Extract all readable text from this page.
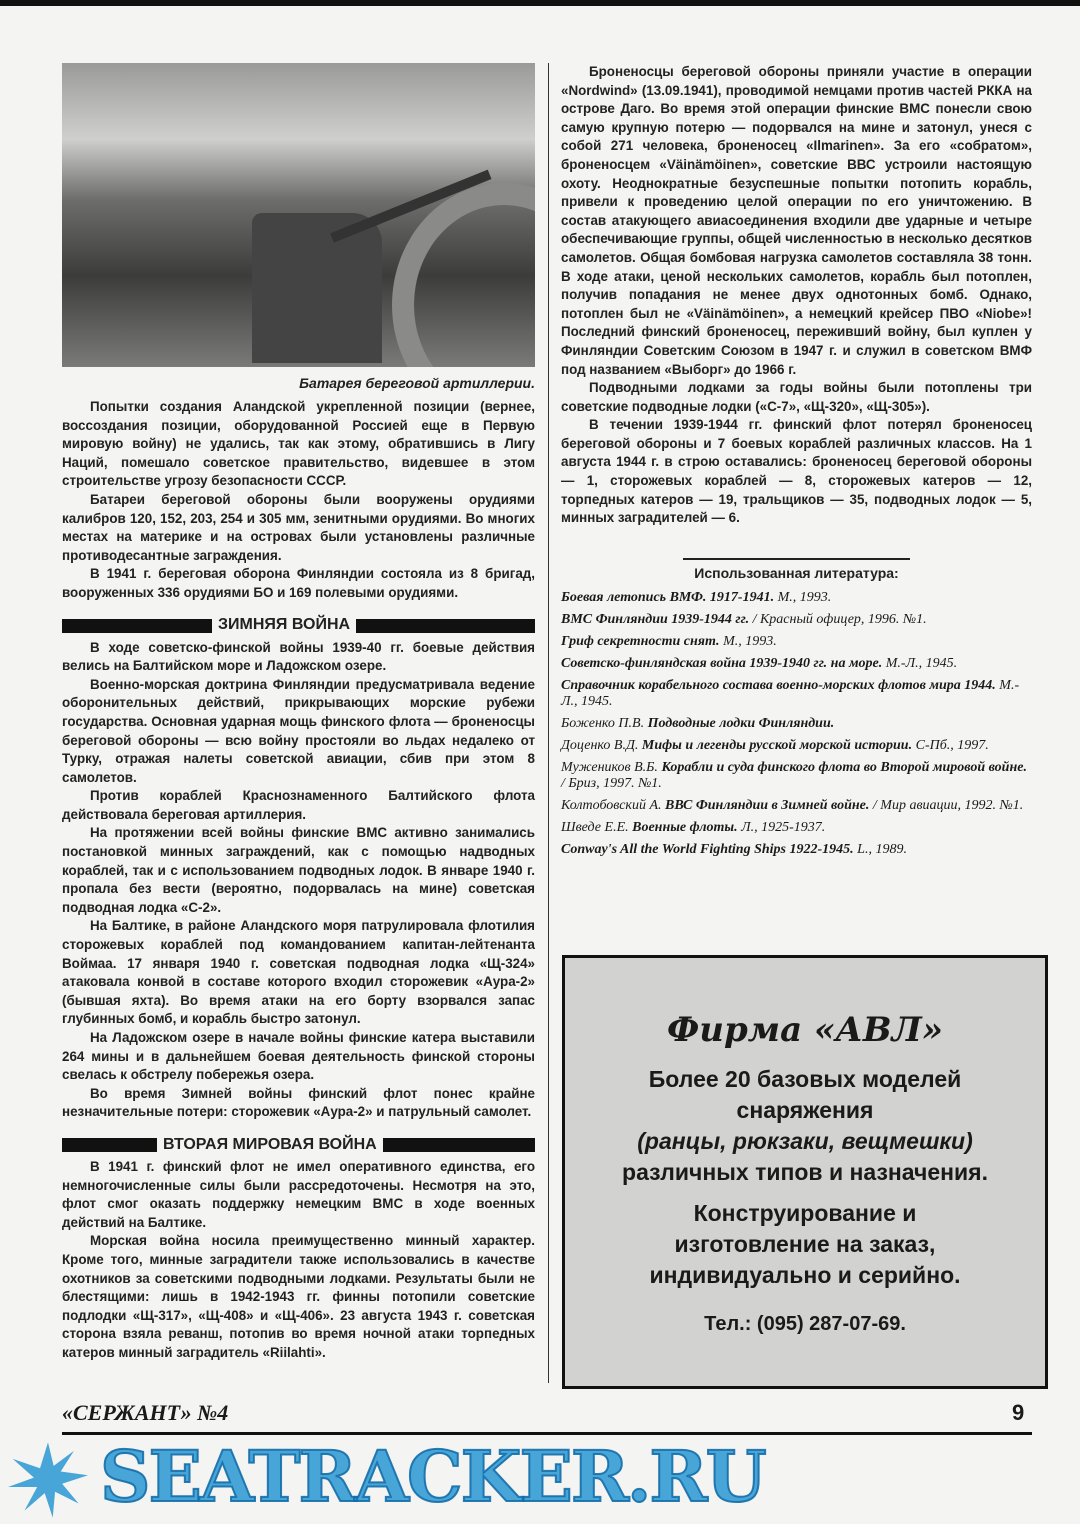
Батарея береговой артиллерии.

Попытки создания Аландской укрепленной позиции (вернее, воссоздания позиции, оборудованной Россией еще в Первую мировую войну) не удались, так как этому, обратившись в Лигу Наций, помешало советское правительство, видевшее в этом строительстве угрозу безопасности СССР.

Батареи береговой обороны были вооружены орудиями калибров 120, 152, 203, 254 и 305 мм, зенитными орудиями. Во многих местах на материке и на островах были установлены различные противодесантные заграждения.

В 1941 г. береговая оборона Финляндии состояла из 8 бригад, вооруженных 336 орудиями БО и 169 полевыми орудиями.

ЗИМНЯЯ ВОЙНА

В ходе советско-финской войны 1939-40 гг. боевые действия велись на Балтийском море и Ладожском озере.

Военно-морская доктрина Финляндии предусматривала ведение оборонительных действий, прикрывающих морские рубежи государства. Основная ударная мощь финского флота — броненосцы береговой обороны — всю войну простояли во льдах недалеко от Турку, отражая налеты советской авиации, сбив при этом 8 самолетов.

Против кораблей Краснознаменного Балтийского флота действовала береговая артиллерия.

На протяжении всей войны финские ВМС активно занимались постановкой минных заграждений, как с помощью надводных кораблей, так и с использованием подводных лодок. В январе 1940 г. пропала без вести (вероятно, подорвалась на мине) советская подводная лодка «С-2».

На Балтике, в районе Аландского моря патрулировала флотилия сторожевых кораблей под командованием капитан-лейтенанта Воймаа. 17 января 1940 г. советская подводная лодка «Щ-324» атаковала конвой в составе которого входил сторожевик «Аура-2» (бывшая яхта). Во время атаки на его борту взорвался запас глубинных бомб, и корабль быстро затонул.

На Ладожском озере в начале войны финские катера выставили 264 мины и в дальнейшем боевая деятельность финской стороны свелась к обстрелу побережья озера.

Во время Зимней войны финский флот понес крайне незначительные потери: сторожевик «Аура-2» и патрульный самолет.

ВТОРАЯ МИРОВАЯ ВОЙНА

В 1941 г. финский флот не имел оперативного единства, его немногочисленные силы были рассредоточены. Несмотря на это, флот смог оказать поддержку немецким ВМС в ходе военных действий на Балтике.

Морская война носила преимущественно минный характер. Кроме того, минные заградители также использовались в качестве охотников за советскими подводными лодками. Результаты были не блестящими: лишь в 1942-1943 гг. финны потопили советские подлодки «Щ-317», «Щ-408» и «Щ-406». 23 августа 1943 г. советская сторона взяла реванш, потопив во время ночной атаки торпедных катеров минный заградитель «Riilahti».

Броненосцы береговой обороны приняли участие в операции «Nordwind» (13.09.1941), проводимой немцами против частей РККА на острове Даго. Во время этой операции финские ВМС понесли свою самую крупную потерю — подорвался на мине и затонул, унеся с собой 271 человека, броненосец «Ilmarinen». За его «собратом», броненосцем «Väinämöinen», советские ВВС устроили настоящую охоту. Неоднократные безуспешные попытки потопить корабль, привели к проведению целой операции по его уничтожению. В состав атакующего авиасоединения входили две ударные и четыре обеспечивающие группы, общей численностью в несколько десятков самолетов. Общая бомбовая нагрузка самолетов составляла 38 тонн. В ходе атаки, ценой нескольких самолетов, корабль был потоплен, получив попадания не менее двух однотонных бомб. Однако, потоплен был не «Väinämöinen», а немецкий крейсер ПВО «Niobe»! Последний финский броненосец, переживший войну, был куплен у Финляндии Советским Союзом в 1947 г. и служил в советском ВМФ под названием «Выборг» до 1966 г.

Подводными лодками за годы войны были потоплены три советские подводные лодки («С-7», «Щ-320», «Щ-305»).

В течении 1939-1944 гг. финский флот потерял броненосец береговой обороны и 7 боевых кораблей различных классов. На 1 августа 1944 г. в строю оставались: броненосец береговой обороны — 1, сторожевых кораблей — 8, сторожевых катеров — 12, торпедных катеров — 19, тральщиков — 35, подводных лодок — 5, минных заградителей — 6.

Использованная литература:
Боевая летопись ВМФ. 1917-1941. М., 1993.
ВМС Финляндии 1939-1944 гг. / Красный офицер, 1996. №1.
Гриф секретности снят. М., 1993.
Советско-финляндская война 1939-1940 гг. на море. М.-Л., 1945.
Справочник корабельного состава военно-морских флотов мира 1944. М.-Л., 1945.
Боженко П.В. Подводные лодки Финляндии.
Доценко В.Д. Мифы и легенды русской морской истории. С-Пб., 1997.
Мужеников В.Б. Корабли и суда финского флота во Второй мировой войне. / Бриз, 1997. №1.
Колтобовский А. ВВС Финляндии в Зимней войне. / Мир авиации, 1992. №1.
Шведе Е.Е. Военные флоты. Л., 1925-1937.
Conway's All the World Fighting Ships 1922-1945. L., 1989.
Фирма «АВЛ»
Более 20 базовых моделей
снаряжения
(ранцы, рюкзаки, вещмешки)
различных типов и назначения.
Конструирование и
изготовление на заказ,
индивидуально и серийно.
Тел.: (095) 287-07-69.
«СЕРЖАНТ» №4	9
SEATRACKER.RU
